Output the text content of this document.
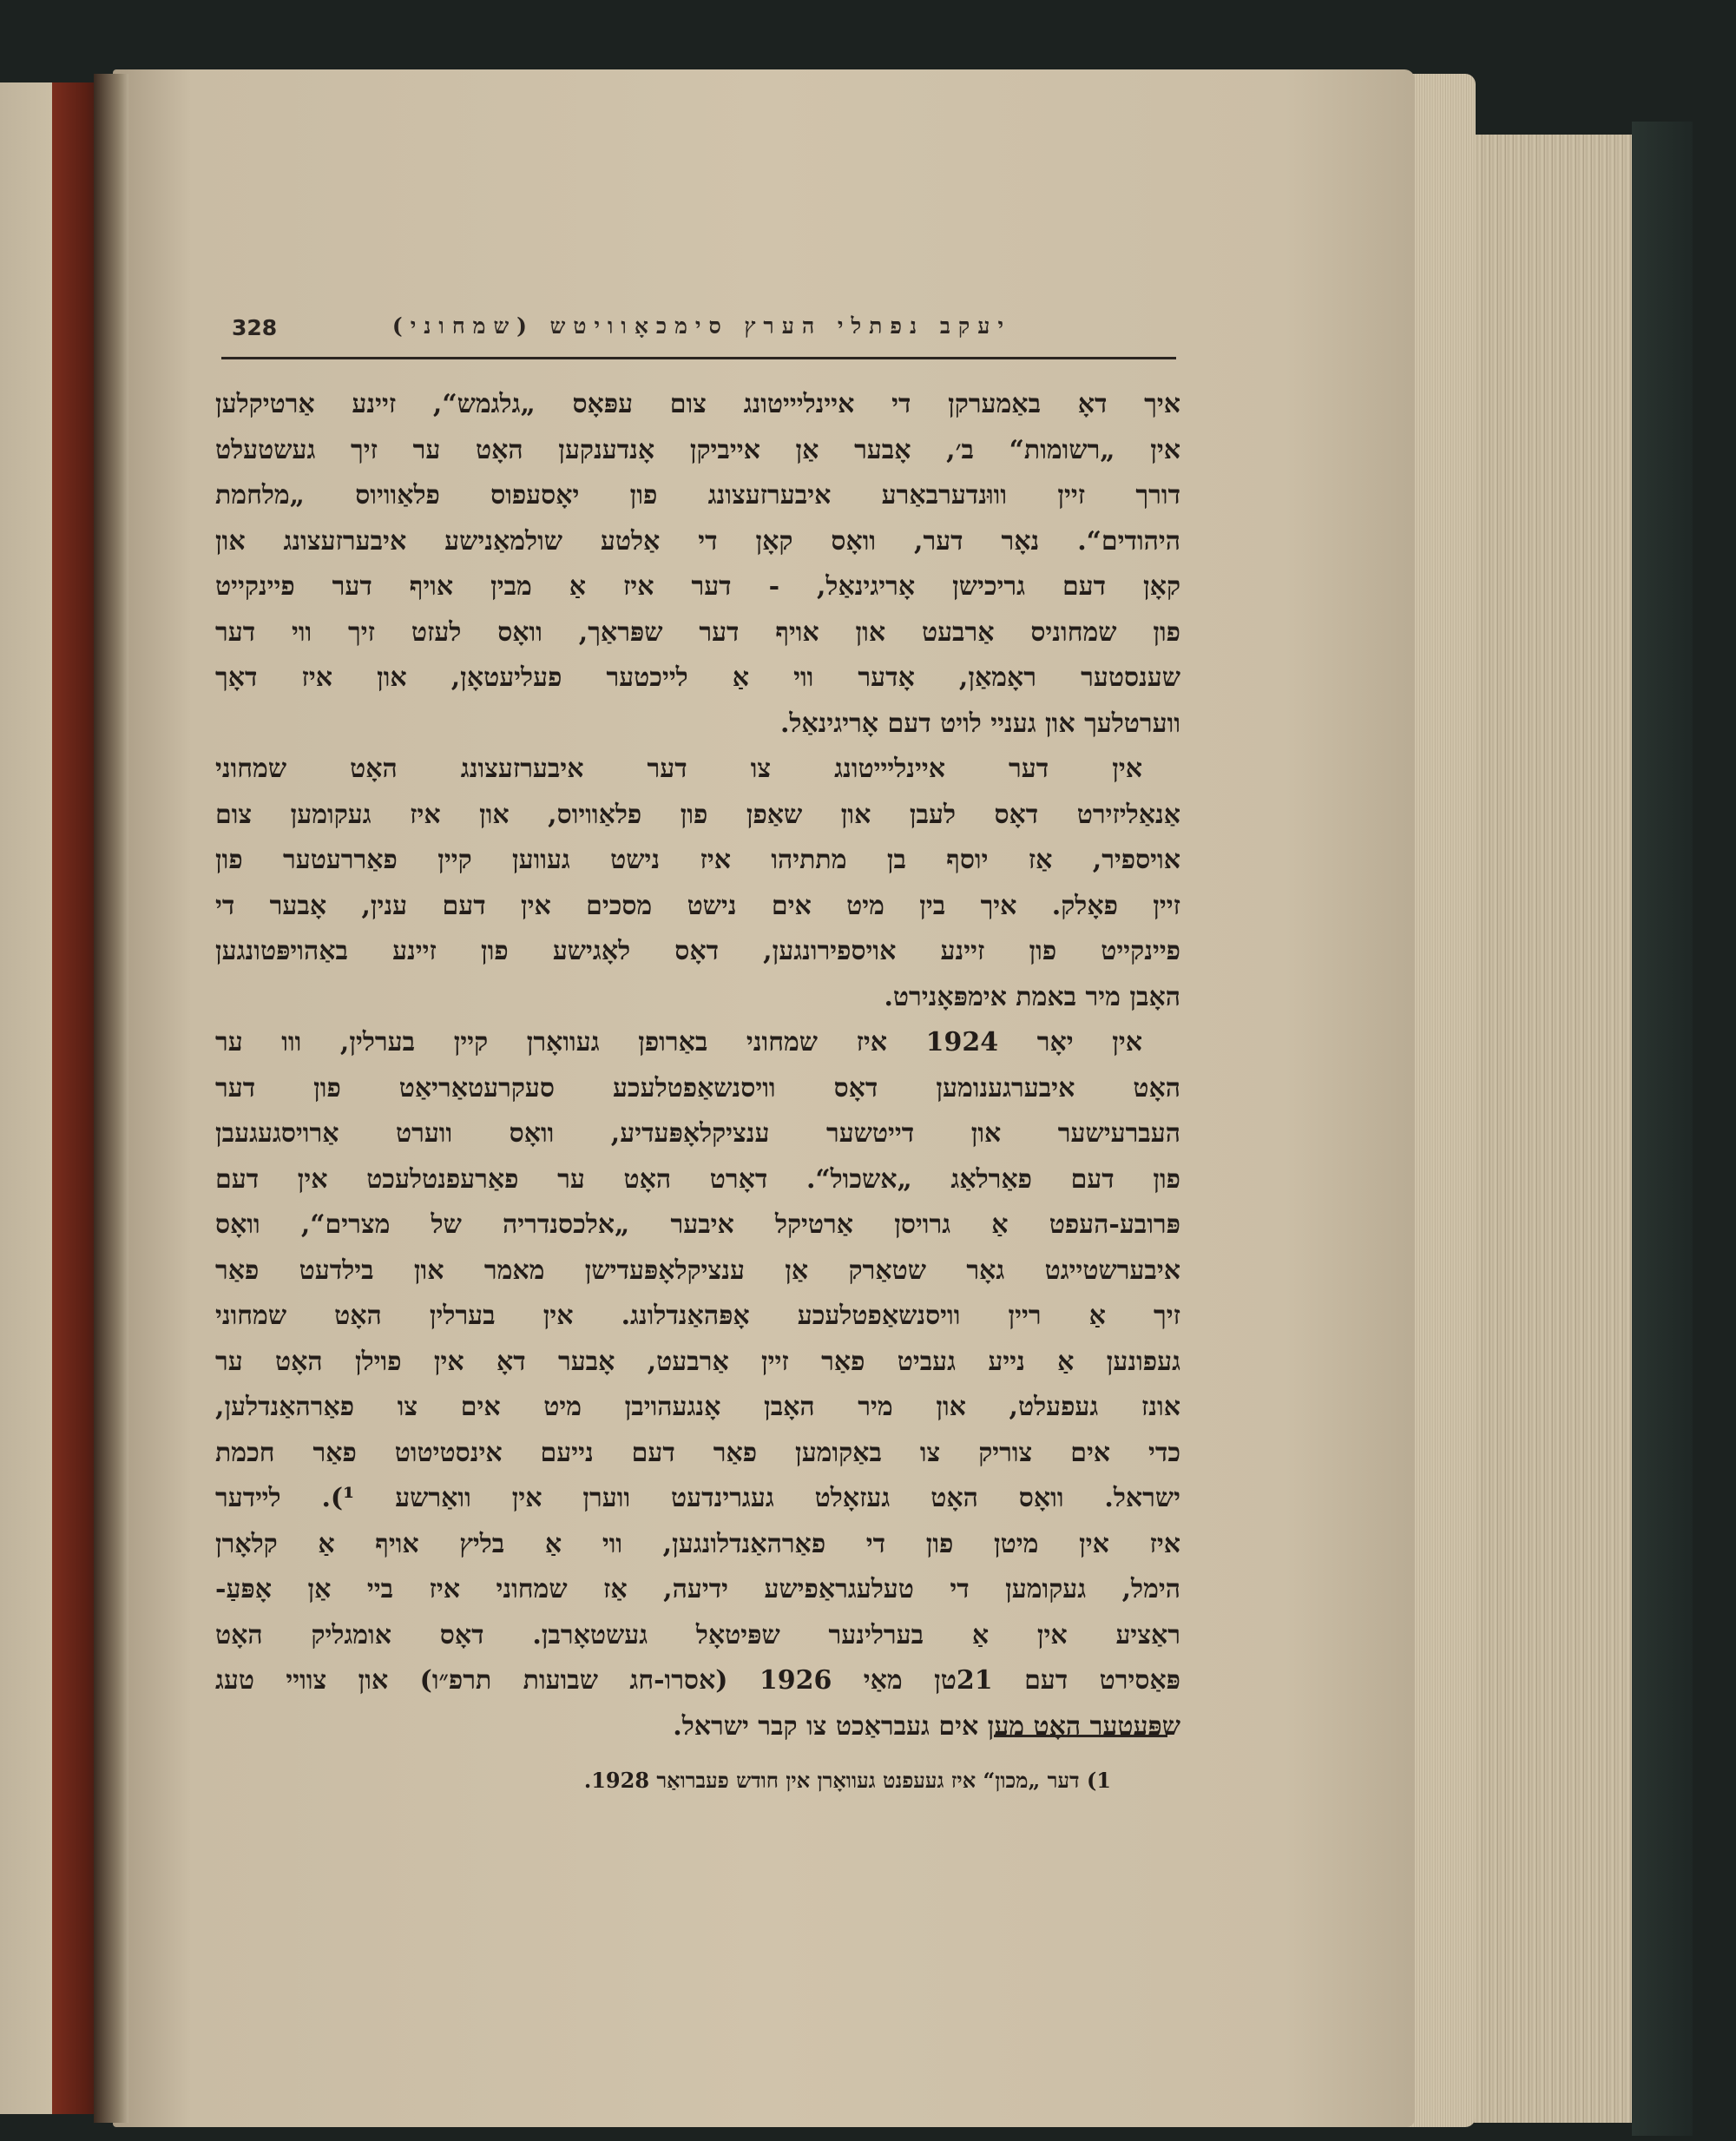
328	יעקב נפתלי הערץ סימכאָוויטש (שמחוני)
איך דאָ באַמערקן די איינליייטונג צום עפּאָס „גלגמש“, זיינע אַרטיקלען
אין „רשומות“ ב׳, אָבער אַן אייביקן אָנדענקען האָט ער זיך געשטעלט
דורך זיין וווּנדערבאַרע איבערזעצונג פון יאָסעפוס פלאַוויוס „מלחמת
היהודים“. נאָר דער, וואָס קאָן די אַלטע שולמאַנישע איבערזעצונג און
קאָן דעם גריכישן אָריגינאַל, - דער איז אַ מבין אויף דער פיינקייט
פון שמחוניס אַרבעט און אויף דער שפּראַך, וואָס לעזט זיך ווי דער
שענסטער ראָמאַן, אָדער ווי אַ לייכטער פעליעטאָן, און איז דאָך
ווערטלעך און געניי לויט דעם אָריגינאַל.
אין דער איינליייטונג צו דער איבערזעצונג האָט שמחוני
אַנאַליזירט דאָס לעבן און שאַפן פון פלאַוויוס, און איז געקומען צום
אויספיר, אַז יוסף בן מתתיהו איז נישט געווען קיין פאַררעטער פון
זיין פאָלק. איך בין מיט אים נישט מסכים אין דעם ענין, אָבער די
פיינקייט פון זיינע אויספירונגען, דאָס לאָגישע פון זיינע באַהויפּטונגען
האָבן מיר באמת אימפּאָנירט.
אין יאָר 1924 איז שמחוני באַרופן געוואָרן קיין בערלין, ווו ער
האָט איבערגענומען דאָס וויסנשאַפטלעכע סעקרעטאַריאַט פון דער
העברעישער און דייטשער ענציקלאָפּעדיע, וואָס ווערט אַרויסגעגעבן
פון דעם פאַרלאַג „אשכול“. דאָרט האָט ער פאַרעפנטלעכט אין דעם
פּרובע-העפט אַ גרויסן אַרטיקל איבער „אלכסנדריה של מצרים“, וואָס
איבערשטייגט גאָר שטאַרק אַן ענציקלאָפּעדישן מאמר און בילדעט פאַר
זיך אַ ריין וויסנשאַפטלעכע אָפּהאַנדלונג. אין בערלין האָט שמחוני
געפונען אַ נייע געביט פאַר זיין אַרבעט, אָבער דאָ אין פוילן האָט ער
אונז געפעלט, און מיר האָבן אָנגעהויבן מיט אים צו פאַרהאַנדלען,
כדי אים צוריק צו באַקומען פאַר דעם נייעם אינסטיטוט פאַר חכמת
ישראל. וואָס האָט געזאָלט געגרינדעט ווערן אין וואַרשע ¹). לײדער
איז אין מיטן פון די פאַרהאַנדלונגען, ווי אַ בליץ אויף אַ קלאָרן
הימל, געקומען די טעלעגראַפישע ידיעה, אַז שמחוני איז ביי אַן אָפּעַ-
ראַציע אין אַ בערלינער שפּיטאָל געשטאָרבן. דאָס אומגליק האָט
פּאַסירט דעם 21טן מאַי 1926 (אסרו-חג שבועות תרפ״ו) און צוויי טעג
שפּעטער האָט מען אים געבראַכט צו קבר ישראל.
1) דער „מכון“ איז געעפנט געוואָרן אין חודש פעברואַר 1928.
